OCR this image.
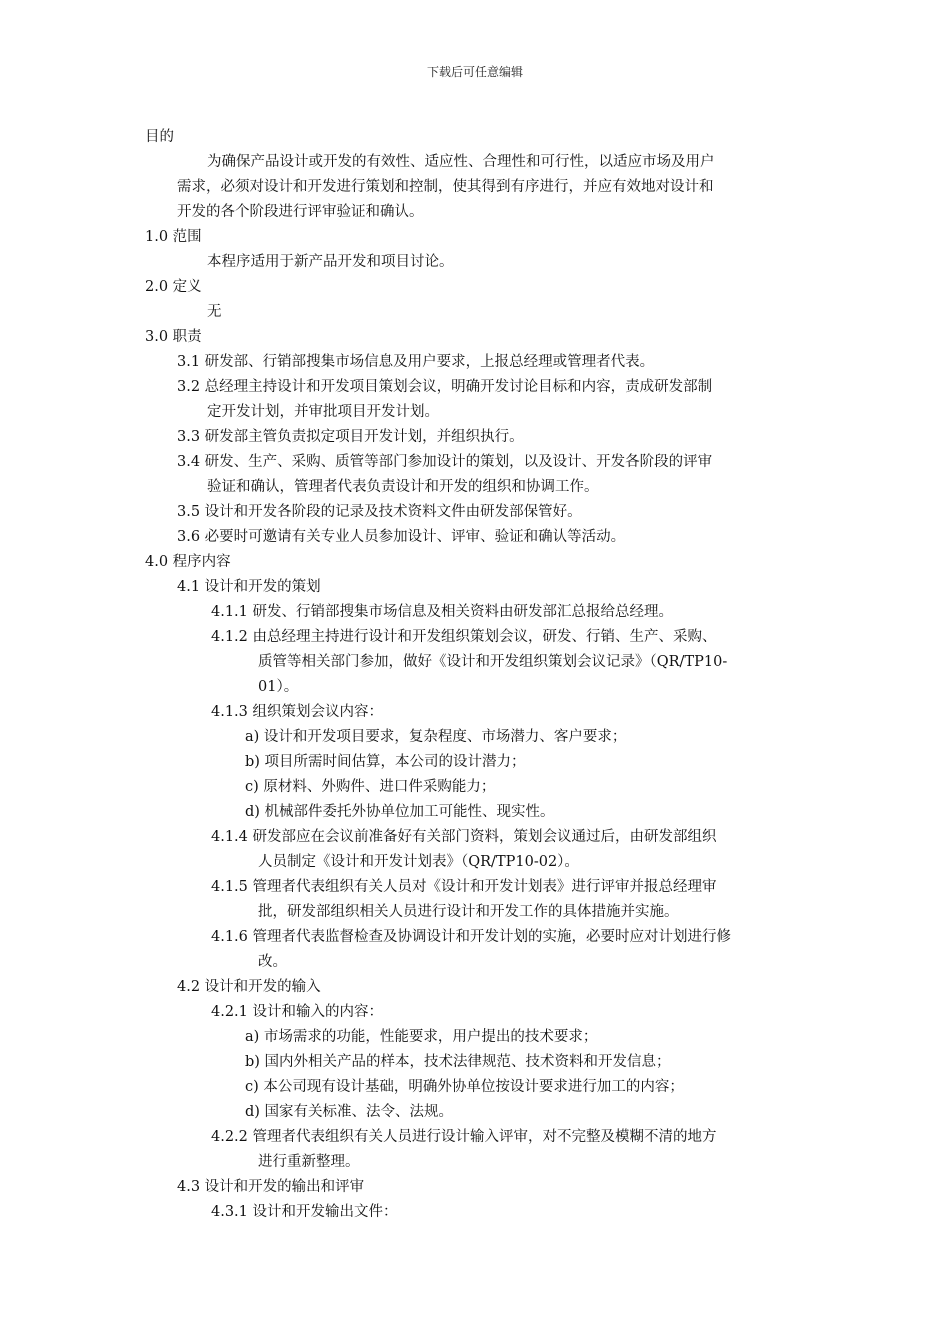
下载后可任意编辑
目的
为确保产品设计或开发的有效性、适应性、合理性和可行性，以适应市场及用户
需求，必须对设计和开发进行策划和控制，使其得到有序进行，并应有效地对设计和
开发的各个阶段进行评审验证和确认。
1.0 范围
本程序适用于新产品开发和项目讨论。
2.0 定义
无
3.0 职责
3.1 研发部、行销部搜集市场信息及用户要求，上报总经理或管理者代表。
3.2 总经理主持设计和开发项目策划会议，明确开发讨论目标和内容，责成研发部制
定开发计划，并审批项目开发计划。
3.3 研发部主管负责拟定项目开发计划，并组织执行。
3.4 研发、生产、采购、质管等部门参加设计的策划，以及设计、开发各阶段的评审
验证和确认，管理者代表负责设计和开发的组织和协调工作。
3.5 设计和开发各阶段的记录及技术资料文件由研发部保管好。
3.6 必要时可邀请有关专业人员参加设计、评审、验证和确认等活动。
4.0 程序内容
4.1 设计和开发的策划
4.1.1 研发、行销部搜集市场信息及相关资料由研发部汇总报给总经理。
4.1.2 由总经理主持进行设计和开发组织策划会议，研发、行销、生产、采购、
质管等相关部门参加，做好《设计和开发组织策划会议记录》（QR/TP10-
01）。
4.1.3 组织策划会议内容：
a) 设计和开发项目要求，复杂程度、市场潜力、客户要求；
b) 项目所需时间估算，本公司的设计潜力；
c) 原材料、外购件、进口件采购能力；
d) 机械部件委托外协单位加工可能性、现实性。
4.1.4 研发部应在会议前准备好有关部门资料，策划会议通过后，由研发部组织
人员制定《设计和开发计划表》（QR/TP10-02）。
4.1.5 管理者代表组织有关人员对《设计和开发计划表》进行评审并报总经理审
批，研发部组织相关人员进行设计和开发工作的具体措施并实施。
4.1.6 管理者代表监督检查及协调设计和开发计划的实施，必要时应对计划进行修
改。
4.2 设计和开发的输入
4.2.1 设计和输入的内容：
a) 市场需求的功能，性能要求，用户提出的技术要求；
b) 国内外相关产品的样本，技术法律规范、技术资料和开发信息；
c) 本公司现有设计基础，明确外协单位按设计要求进行加工的内容；
d) 国家有关标准、法令、法规。
4.2.2 管理者代表组织有关人员进行设计输入评审，对不完整及模糊不清的地方
进行重新整理。
4.3 设计和开发的输出和评审
4.3.1 设计和开发输出文件：
